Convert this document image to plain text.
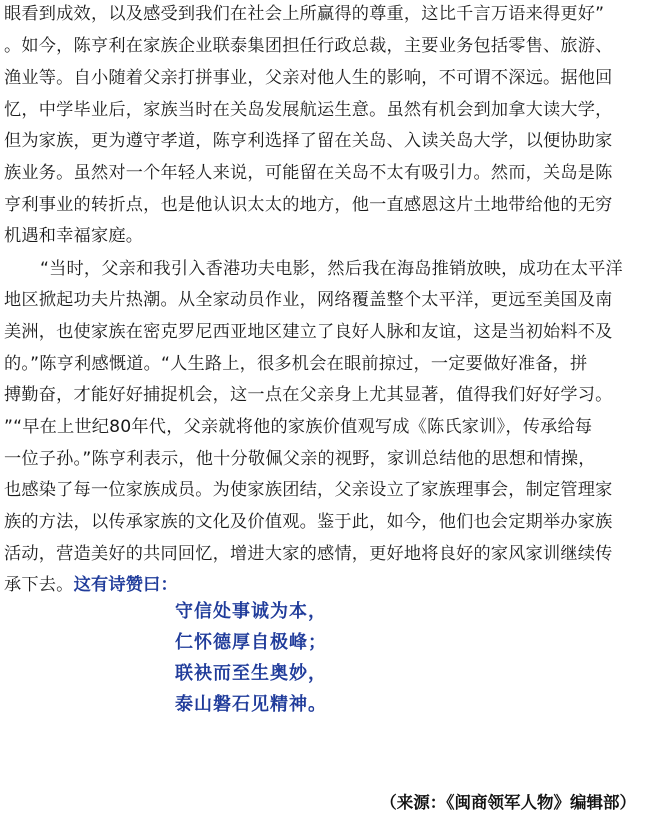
眼看到成效，以及感受到我们在社会上所赢得的尊重，这比千言万语来得更好”
。如今，陈亨利在家族企业联泰集团担任行政总裁，主要业务包括零售、旅游、
渔业等。自小随着父亲打拼事业，父亲对他人生的影响，不可谓不深远。据他回
忆，中学毕业后，家族当时在关岛发展航运生意。虽然有机会到加拿大读大学，
但为家族，更为遵守孝道，陈亨利选择了留在关岛、入读关岛大学，以便协助家
族业务。虽然对一个年轻人来说，可能留在关岛不太有吸引力。然而，关岛是陈
亨利事业的转折点，也是他认识太太的地方，他一直感恩这片土地带给他的无穷
机遇和幸福家庭。
“当时，父亲和我引入香港功夫电影，然后我在海岛推销放映，成功在太平洋
地区掀起功夫片热潮。从全家动员作业，网络覆盖整个太平洋，更远至美国及南
美洲，也使家族在密克罗尼西亚地区建立了良好人脉和友谊，这是当初始料不及
的。”陈亨利感慨道。“人生路上，很多机会在眼前掠过，一定要做好准备，拼
搏勤奋，才能好好捕捉机会，这一点在父亲身上尤其显著，值得我们好好学习。
”“早在上世纪80年代，父亲就将他的家族价值观写成《陈氏家训》，传承给每
一位子孙。”陈亨利表示，他十分敬佩父亲的视野，家训总结他的思想和情操，
也感染了每一位家族成员。为使家族团结，父亲设立了家族理事会，制定管理家
族的方法，以传承家族的文化及价值观。鉴于此，如今，他们也会定期举办家族
活动，营造美好的共同回忆，增进大家的感情，更好地将良好的家风家训继续传
承下去。这有诗赞曰：
守信处事诚为本，
仁怀德厚自极峰；
联袂而至生奥妙，
泰山磐石见精神。
（来源：《闽商领军人物》编辑部）
